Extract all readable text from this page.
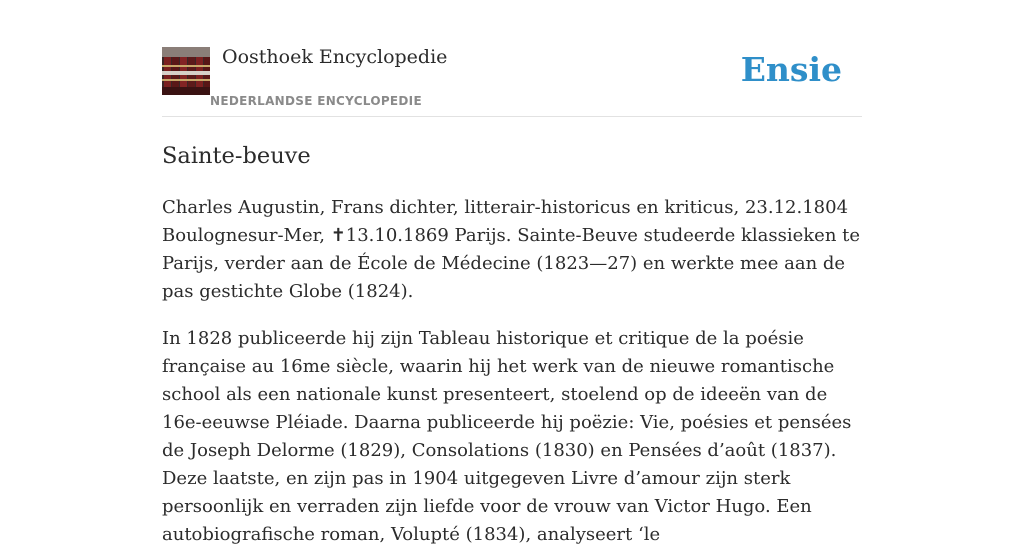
Oosthoek Encyclopedie
NEDERLANDSE ENCYCLOPEDIE
Ensie
Sainte-beuve

Charles Augustin, Frans dichter, litterair-historicus en kriticus, 23.12.1804 Boulognesur-Mer, ✝13.10.1869 Parijs. Sainte-Beuve studeerde klassieken te Parijs, verder aan de École de Médecine (1823—27) en werkte mee aan de pas gestichte Globe (1824).

In 1828 publiceerde hij zijn Tableau historique et critique de la poésie française au 16me siècle, waarin hij het werk van de nieuwe romantische school als een nationale kunst presenteert, stoelend op de ideeën van de 16e-eeuwse Pléiade. Daarna publiceerde hij poëzie: Vie, poésies et pensées de Joseph Delorme (1829), Consolations (1830) en Pensées d’août (1837). Deze laatste, en zijn pas in 1904 uitgegeven Livre d’amour zijn sterk persoonlijk en verraden zijn liefde voor de vrouw van Victor Hugo. Een autobiografische roman, Volupté (1834), analyseert ‘le
